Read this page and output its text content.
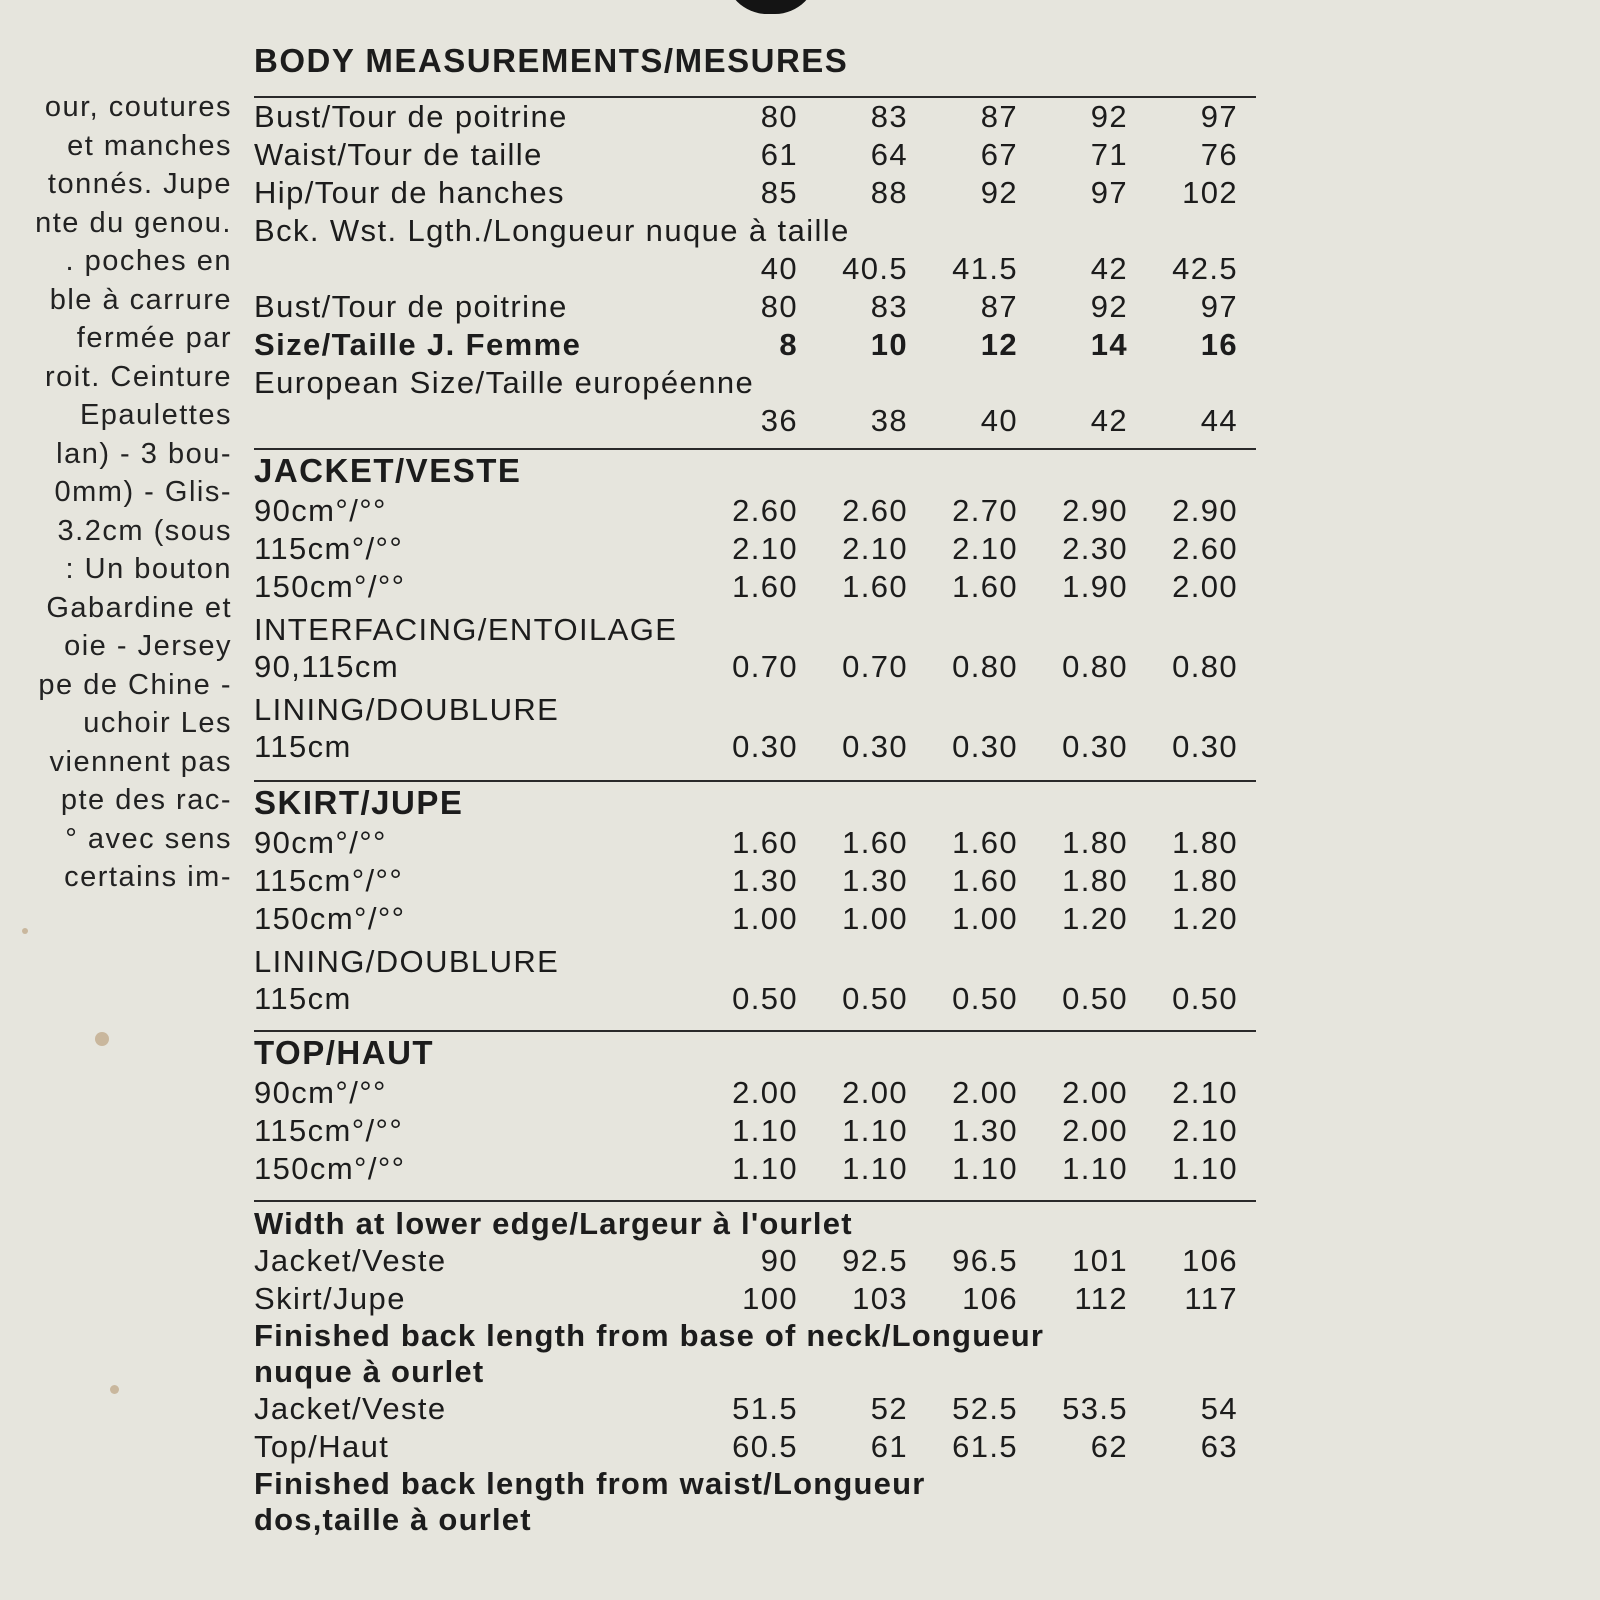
our, coutures
et manches
tonnés. Jupe
nte du genou.
. poches en
ble à carrure
fermée par
roit. Ceinture
Epaulettes
lan) - 3 bou-
0mm) - Glis-
3.2cm (sous
: Un bouton
Gabardine et
oie - Jersey
pe de Chine -
uchoir Les
viennent pas
pte des rac-
° avec sens
certains im-
BODY MEASUREMENTS/MESURES
Bust/Tour de poitrine	80	83	87	92	97
Waist/Tour de taille	61	64	67	71	76
Hip/Tour de hanches	85	88	92	97	102
Bck. Wst. Lgth./Longueur nuque à taille
40	40.5	41.5	42	42.5
Bust/Tour de poitrine	80	83	87	92	97
Size/Taille J. Femme	8	10	12	14	16
European Size/Taille européenne
36	38	40	42	44
JACKET/VESTE
90cm°/°°	2.60	2.60	2.70	2.90	2.90
115cm°/°°	2.10	2.10	2.10	2.30	2.60
150cm°/°°	1.60	1.60	1.60	1.90	2.00
INTERFACING/ENTOILAGE
90,115cm	0.70	0.70	0.80	0.80	0.80
LINING/DOUBLURE
115cm	0.30	0.30	0.30	0.30	0.30
SKIRT/JUPE
90cm°/°°	1.60	1.60	1.60	1.80	1.80
115cm°/°°	1.30	1.30	1.60	1.80	1.80
150cm°/°°	1.00	1.00	1.00	1.20	1.20
LINING/DOUBLURE
115cm	0.50	0.50	0.50	0.50	0.50
TOP/HAUT
90cm°/°°	2.00	2.00	2.00	2.00	2.10
115cm°/°°	1.10	1.10	1.30	2.00	2.10
150cm°/°°	1.10	1.10	1.10	1.10	1.10
Width at lower edge/Largeur à l'ourlet
Jacket/Veste	90	92.5	96.5	101	106
Skirt/Jupe	100	103	106	112	117
Finished back length from base of neck/Longueur
nuque à ourlet
Jacket/Veste	51.5	52	52.5	53.5	54
Top/Haut	60.5	61	61.5	62	63
Finished back length from waist/Longueur
dos,taille à ourlet
